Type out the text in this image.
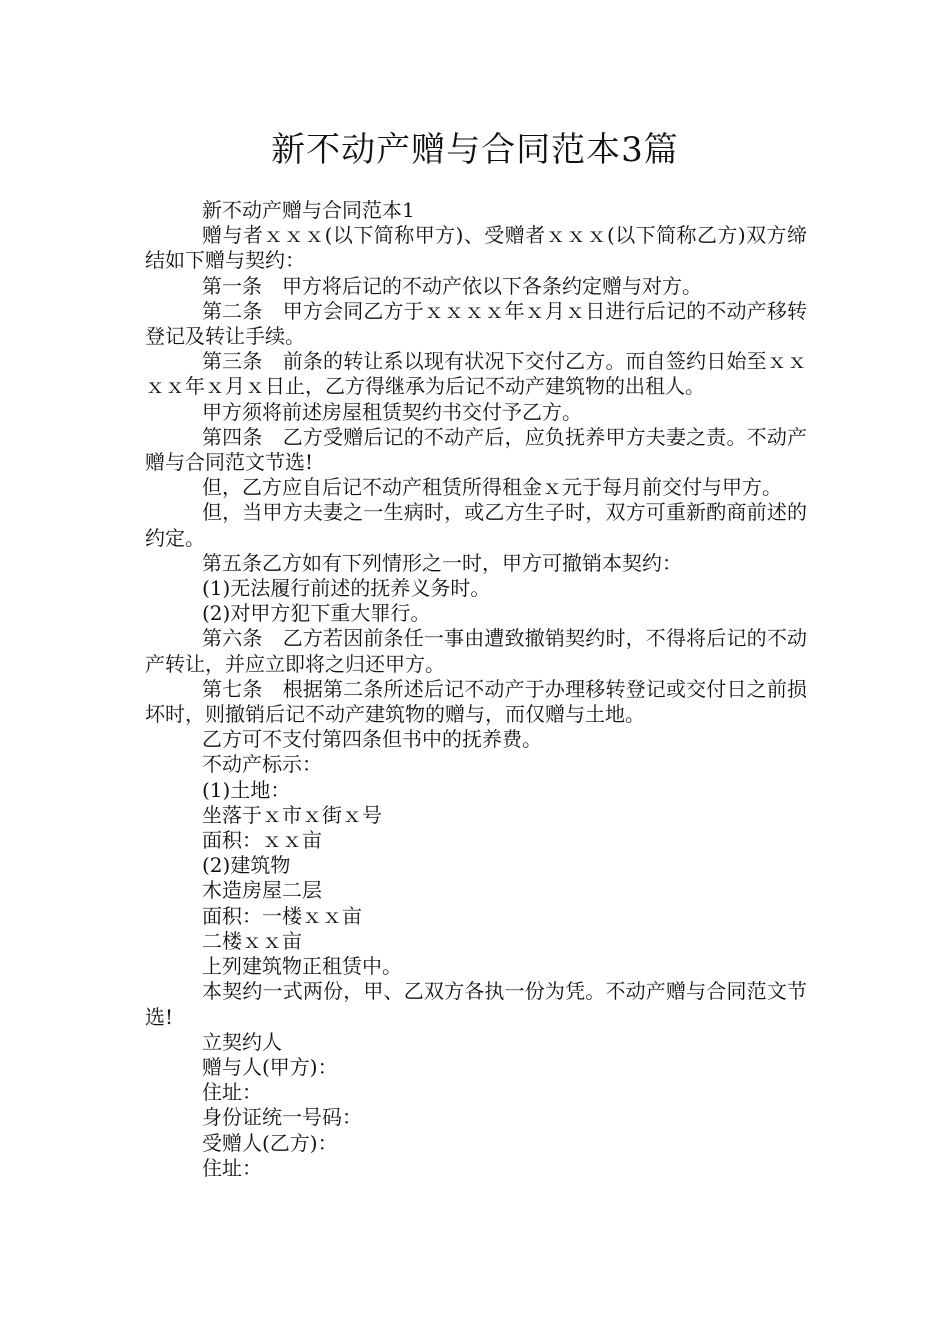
新不动产赠与合同范本3篇

新不动产赠与合同范本1

赠与者ｘｘｘ(以下简称甲方)、受赠者ｘｘｘ(以下简称乙方)双方缔结如下赠与契约：

第一条　甲方将后记的不动产依以下各条约定赠与对方。

第二条　甲方会同乙方于ｘｘｘｘ年ｘ月ｘ日进行后记的不动产移转登记及转让手续。

第三条　前条的转让系以现有状况下交付乙方。而自签约日始至ｘｘｘｘ年ｘ月ｘ日止，乙方得继承为后记不动产建筑物的出租人。

甲方须将前述房屋租赁契约书交付予乙方。

第四条　乙方受赠后记的不动产后，应负抚养甲方夫妻之责。不动产赠与合同范文节选!

但，乙方应自后记不动产租赁所得租金ｘ元于每月前交付与甲方。

但，当甲方夫妻之一生病时，或乙方生子时，双方可重新酌商前述的约定。

第五条乙方如有下列情形之一时，甲方可撤销本契约：

(1)无法履行前述的抚养义务时。

(2)对甲方犯下重大罪行。

第六条　乙方若因前条任一事由遭致撤销契约时，不得将后记的不动产转让，并应立即将之归还甲方。

第七条　根据第二条所述后记不动产于办理移转登记或交付日之前损坏时，则撤销后记不动产建筑物的赠与，而仅赠与土地。

乙方可不支付第四条但书中的抚养费。

不动产标示：

(1)土地：

坐落于ｘ市ｘ街ｘ号

面积：ｘｘ亩

(2)建筑物

木造房屋二层

面积：一楼ｘｘ亩

二楼ｘｘ亩

上列建筑物正租赁中。

本契约一式两份，甲、乙双方各执一份为凭。不动产赠与合同范文节选!

立契约人

赠与人(甲方)：

住址：

身份证统一号码：

受赠人(乙方)：

住址：
